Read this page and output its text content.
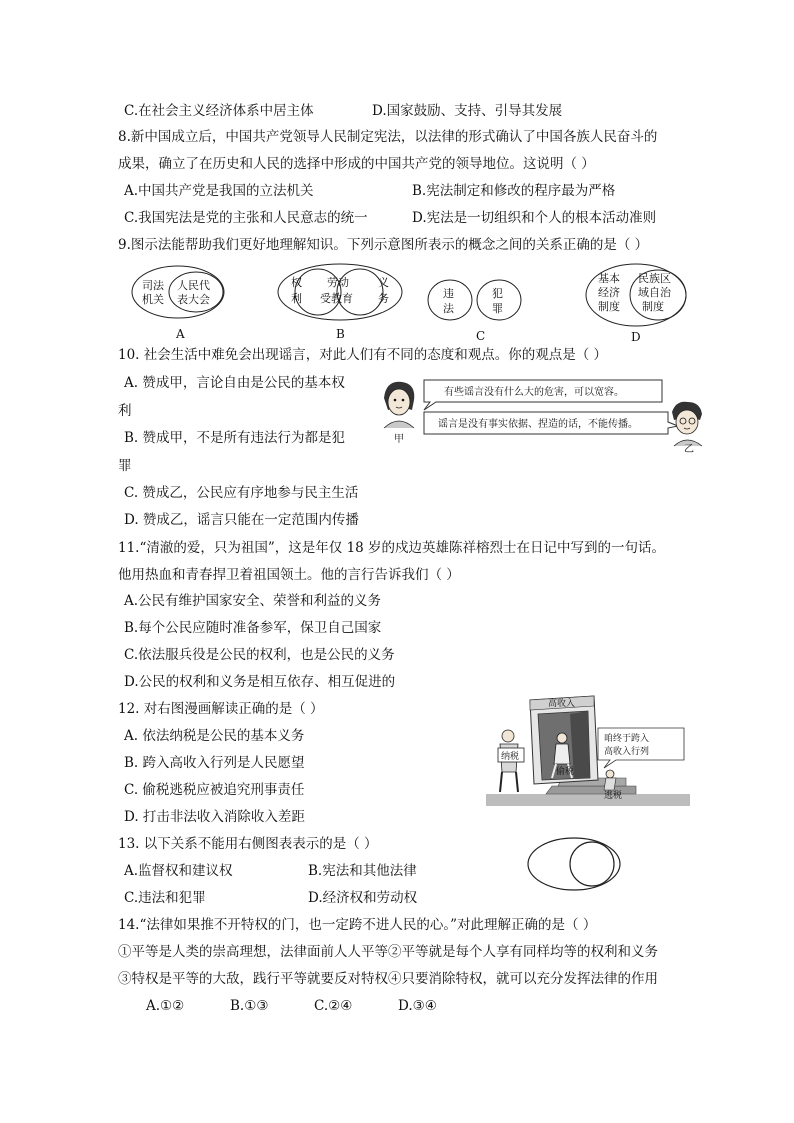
C.在社会主义经济体系中居主体	D.国家鼓励、支持、引导其发展
8.新中国成立后，中国共产党领导人民制定宪法，以法律的形式确认了中国各族人民奋斗的
成果，确立了在历史和人民的选择中形成的中国共产党的领导地位。这说明（ ）
A.中国共产党是我国的立法机关	B.宪法制定和修改的程序最为严格
C.我国宪法是党的主张和人民意志的统一	D.宪法是一切组织和个人的根本活动准则
9.图示法能帮助我们更好地理解知识。下列示意图所表示的概念之间的关系正确的是（ ）
司法
机关
人民代
表大会
A
权
利
劳动
受教育
义
务
B
违
法
犯
罪
C
基本
经济
制度
民族区
域自治
制度
D
10. 社会生活中难免会出现谣言，对此人们有不同的态度和观点。你的观点是（ ）
A. 赞成甲，言论自由是公民的基本权
利
B. 赞成甲，不是所有违法行为都是犯
罪
C. 赞成乙，公民应有序地参与民主生活
D. 赞成乙，谣言只能在一定范围内传播
甲
有些谣言没有什么大的危害，可以宽容。
谣言是没有事实依据、捏造的话，不能传播。
乙
11.“清澈的爱，只为祖国”，这是年仅 18 岁的戍边英雄陈祥榕烈士在日记中写到的一句话。
他用热血和青春捍卫着祖国领土。他的言行告诉我们（ ）
A.公民有维护国家安全、荣誉和利益的义务
B.每个公民应随时准备参军，保卫自己国家
C.依法服兵役是公民的权利，也是公民的义务
D.公民的权利和义务是相互依存、相互促进的
12. 对右图漫画解读正确的是（ ）
A. 依法纳税是公民的基本义务
B. 跨入高收入行列是人民愿望
C. 偷税逃税应被追究刑事责任
D. 打击非法收入消除收入差距
高收入
纳税
偷税
咱终于跨入
高收入行列
逃税
13. 以下关系不能用右侧图表表示的是（ ）
A.监督权和建议权	B.宪法和其他法律
C.违法和犯罪	D.经济权和劳动权
14.“法律如果推不开特权的门，也一定跨不进人民的心。”对此理解正确的是（ ）
①平等是人类的崇高理想，法律面前人人平等②平等就是每个人享有同样均等的权利和义务
③特权是平等的大敌，践行平等就要反对特权④只要消除特权，就可以充分发挥法律的作用
A.①②	B.①③	C.②④	D.③④
